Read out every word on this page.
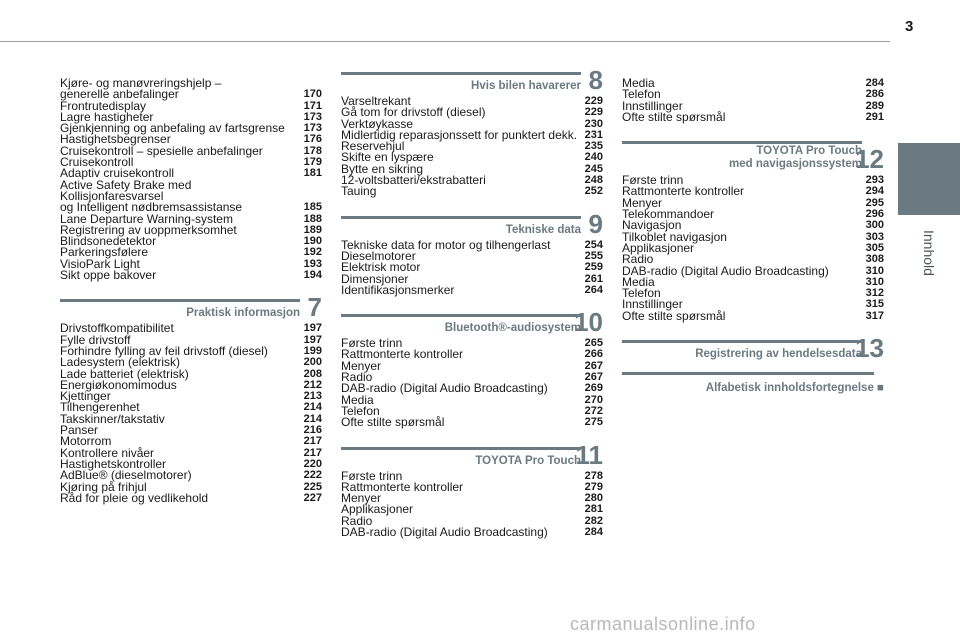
3
Innhold
Kjøre- og manøvreringshjelp –
generelle anbefalinger	170
Frontrutedisplay	171
Lagre hastigheter	173
Gjenkjenning og anbefaling av fartsgrense	173
Hastighetsbegrenser	176
Cruisekontroll – spesielle anbefalinger	178
Cruisekontroll	179
Adaptiv cruisekontroll	181
Active Safety Brake med Kollisjonfaresvarsel
og Intelligent nødbremsassistanse	185
Lane Departure Warning-system	188
Registrering av uoppmerksomhet	189
Blindsonedetektor	190
Parkeringsfølere	192
VisioPark Light	193
Sikt oppe bakover	194
Praktisk informasjon 7
Drivstoffkompatibilitet	197
Fylle drivstoff	197
Forhindre fylling av feil drivstoff (diesel)	199
Ladesystem (elektrisk)	200
Lade batteriet (elektrisk)	208
Energiøkonomimodus	212
Kjettinger	213
Tilhengerenhet	214
Takskinner/takstativ	214
Panser	216
Motorrom	217
Kontrollere nivåer	217
Hastighetskontroller	220
AdBlue® (dieselmotorer)	222
Kjøring på frihjul	225
Råd for pleie og vedlikehold	227
Hvis bilen havarerer 8
Varseltrekant	229
Gå tom for drivstoff (diesel)	229
Verktøykasse	230
Midlertidig reparasjonssett for punktert dekk. 231
Reservehjul	235
Skifte en lyspære	240
Bytte en sikring	245
12-voltsbatteri/ekstrabatteri	248
Tauing	252
Tekniske data 9
Tekniske data for motor og tilhengerlast	254
Dieselmotorer	255
Elektrisk motor	259
Dimensjoner	261
Identifikasjonsmerker	264
Bluetooth®-audiosystem
10
Første trinn	265
Rattmonterte kontroller	266
Menyer	267
Radio	267
DAB-radio (Digital Audio Broadcasting)	269
Media	270
Telefon	272
Ofte stilte spørsmål	275
TOYOTA Pro Touch
11
Første trinn	278
Rattmonterte kontroller	279
Menyer	280
Applikasjoner	281
Radio	282
DAB-radio (Digital Audio Broadcasting)	284
Media	284
Telefon	286
Innstillinger	289
Ofte stilte spørsmål	291
TOYOTA Pro Touch
med navigasjonssystem
12
Første trinn	293
Rattmonterte kontroller	294
Menyer	295
Telekommandoer	296
Navigasjon	300
Tilkoblet navigasjon	303
Applikasjoner	305
Radio	308
DAB-radio (Digital Audio Broadcasting)	310
Media	310
Telefon	312
Innstillinger	315
Ofte stilte spørsmål	317
Registrering av hendelsesdata
13
Alfabetisk innholdsfortegnelse ■
carmanualsonline.info
